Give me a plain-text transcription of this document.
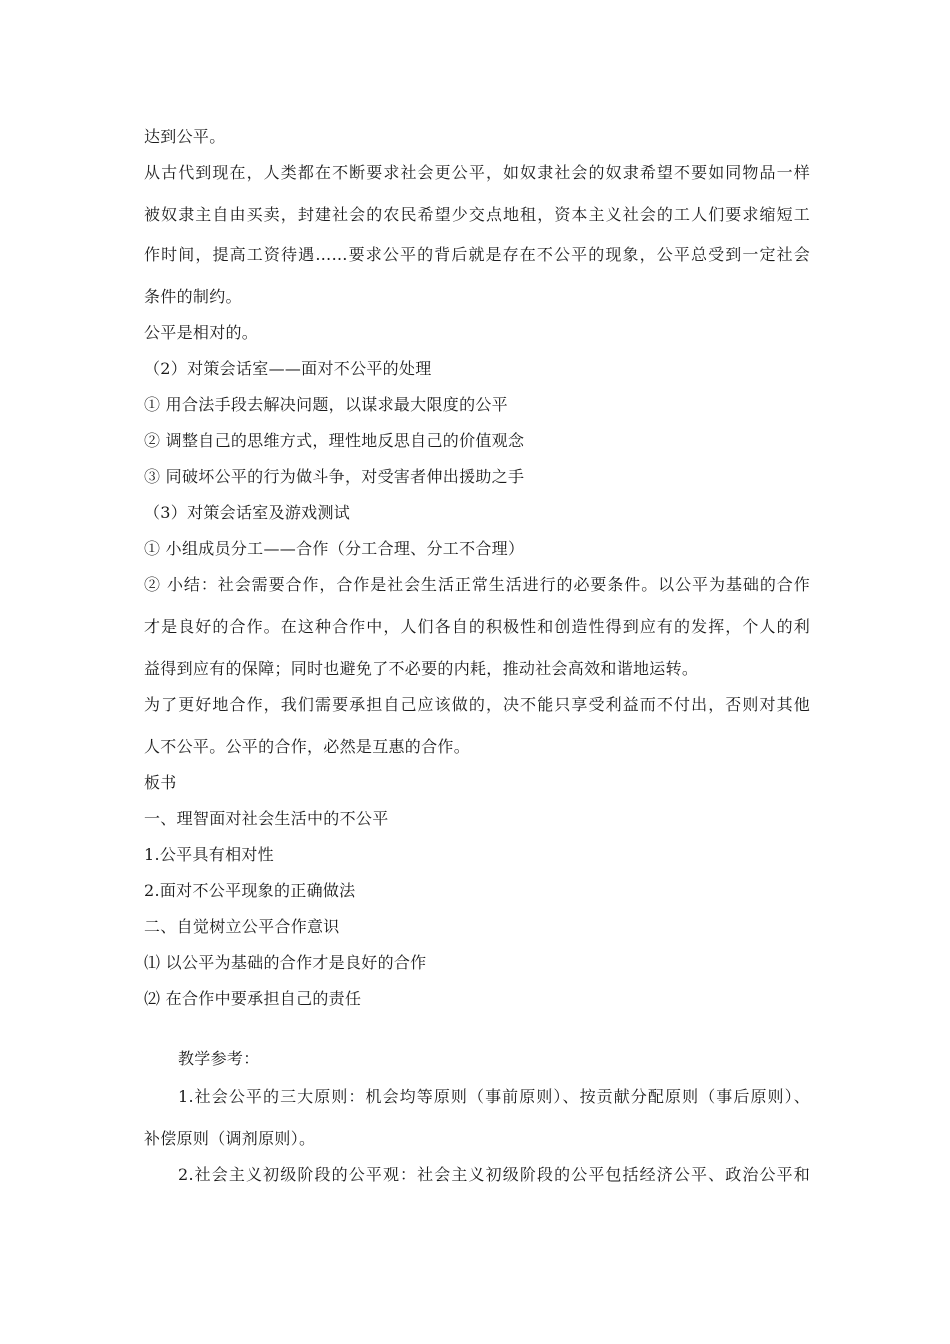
达到公平。
从古代到现在，人类都在不断要求社会更公平，如奴隶社会的奴隶希望不要如同物品一样
被奴隶主自由买卖，封建社会的农民希望少交点地租，资本主义社会的工人们要求缩短工
作时间，提高工资待遇……要求公平的背后就是存在不公平的现象，公平总受到一定社会
条件的制约。
公平是相对的。
（2）对策会话室——面对不公平的处理
① 用合法手段去解决问题，以谋求最大限度的公平
② 调整自己的思维方式，理性地反思自己的价值观念
③ 同破坏公平的行为做斗争，对受害者伸出援助之手
（3）对策会话室及游戏测试
① 小组成员分工——合作（分工合理、分工不合理）
② 小结：社会需要合作，合作是社会生活正常生活进行的必要条件。以公平为基础的合作
才是良好的合作。在这种合作中，人们各自的积极性和创造性得到应有的发挥，个人的利
益得到应有的保障；同时也避免了不必要的内耗，推动社会高效和谐地运转。
为了更好地合作，我们需要承担自己应该做的，决不能只享受利益而不付出，否则对其他
人不公平。公平的合作，必然是互惠的合作。
板书
一、理智面对社会生活中的不公平
1.公平具有相对性
2.面对不公平现象的正确做法
二、自觉树立公平合作意识
⑴ 以公平为基础的合作才是良好的合作
⑵ 在合作中要承担自己的责任
教学参考：
1.社会公平的三大原则：机会均等原则（事前原则）、按贡献分配原则（事后原则）、
补偿原则（调剂原则）。
2.社会主义初级阶段的公平观：社会主义初级阶段的公平包括经济公平、政治公平和
